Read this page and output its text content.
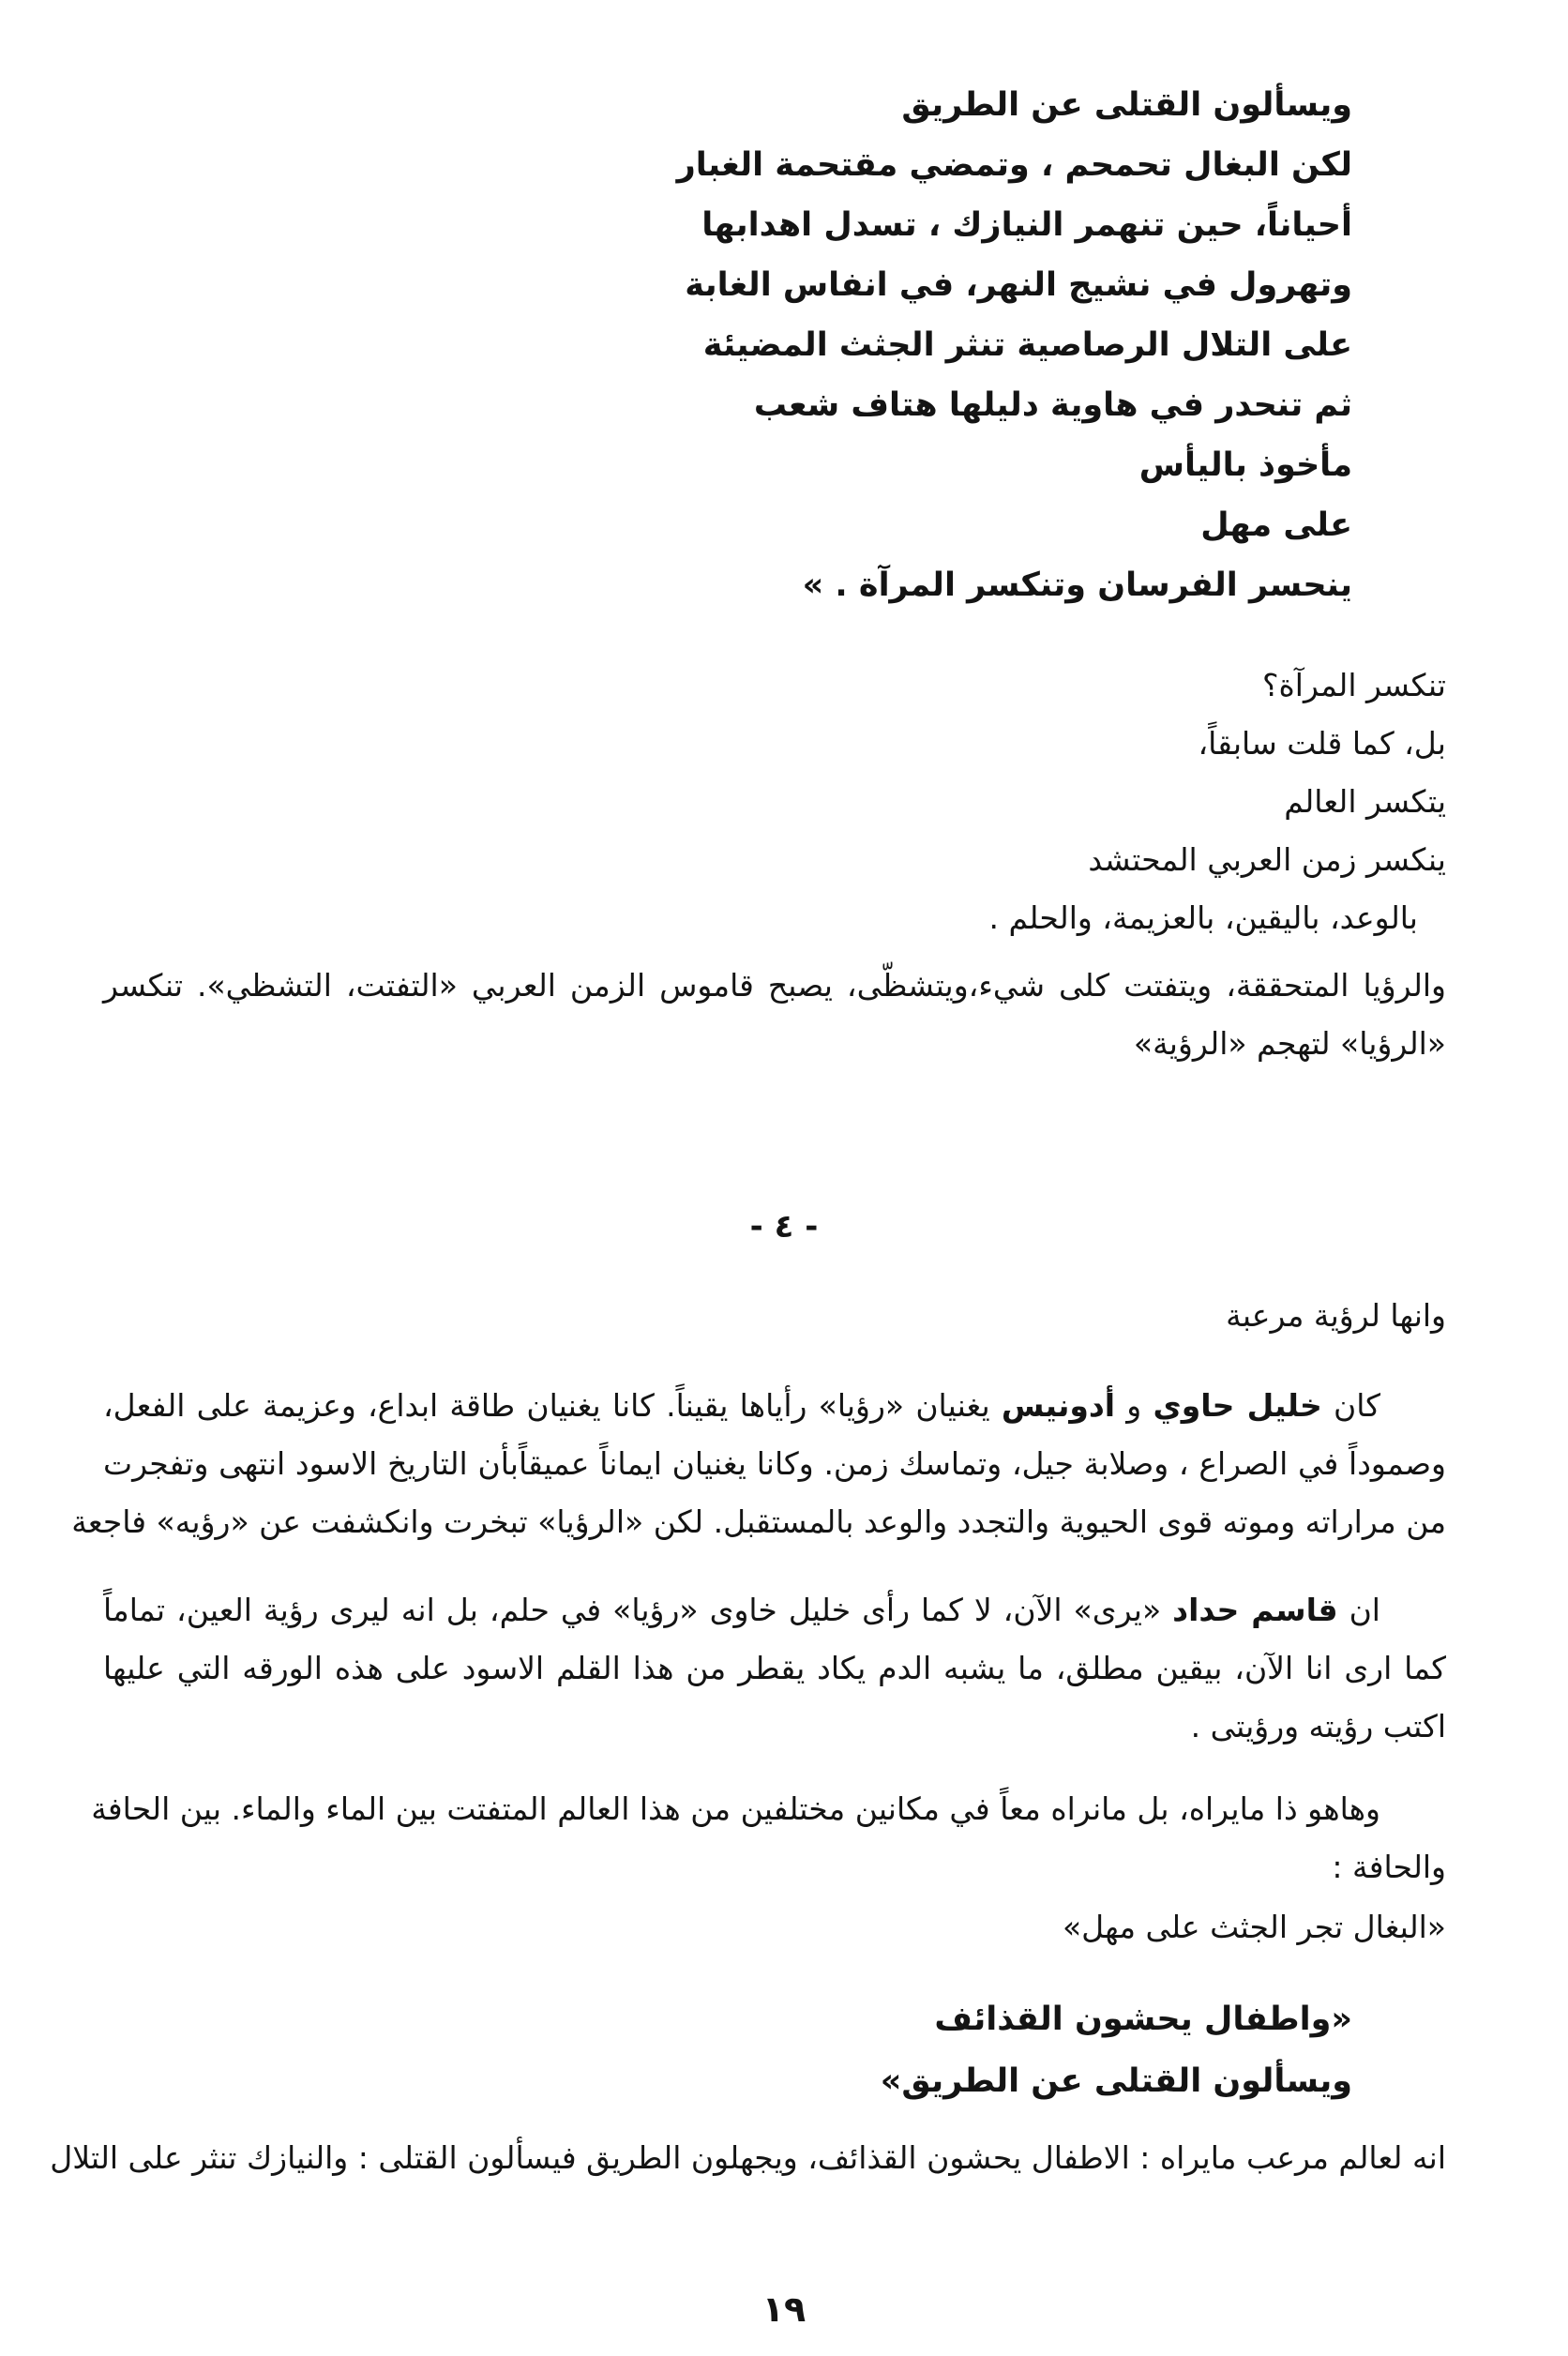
ويسألون القتلى عن الطريق
لكن البغال تحمحم ، وتمضي مقتحمة الغبار
أحياناً، حين تنهمر النيازك ، تسدل اهدابها
وتهرول في نشيج النهر، في انفاس الغابة
على التلال الرصاصية تنثر الجثث المضيئة
ثم تنحدر في هاوية دليلها هتاف شعب
مأخوذ باليأس
على مهل
ينحسر الفرسان وتنكسر المرآة . »
تنكسر المرآة؟
بل، كما قلت سابقاً،
يتكسر العالم
ينكسر زمن العربي المحتشد
بالوعد، باليقين، بالعزيمة، والحلم .
والرؤيا المتحققة، ويتفتت كلى شيء،ويتشظّى، يصبح قاموس الزمن العربي «التفتت، التشظي». تنكسر
«الرؤيا» لتهجم «الرؤية»
- ٤ -
وانها لرؤية مرعبة
كان خليل حاوي و أدونيس يغنيان «رؤيا» رأياها يقيناً. كانا يغنيان طاقة ابداع، وعزيمة على الفعل،
وصموداً في الصراع ، وصلابة جيل، وتماسك زمن. وكانا يغنيان ايماناً عميقاًبأن التاريخ الاسود انتهى وتفجرت
من مراراته وموته قوى الحيوية والتجدد والوعد بالمستقبل. لكن «الرؤيا» تبخرت وانكشفت عن «رؤيه» فاجعة
ان قاسم حداد «يرى» الآن، لا كما رأى خليل خاوى «رؤيا» في حلم، بل انه ليرى رؤية العين، تماماً
كما ارى انا الآن، بيقين مطلق، ما يشبه الدم يكاد يقطر من هذا القلم الاسود على هذه الورقه التي عليها
اكتب رؤيته ورؤيتى .
وهاهو ذا مايراه، بل مانراه معاً في مكانين مختلفين من هذا العالم المتفتت بين الماء والماء. بين الحافة
والحافة :
«البغال تجر الجثث على مهل»
«واطفال يحشون القذائف
ويسألون القتلى عن الطريق»
انه لعالم مرعب مايراه : الاطفال يحشون القذائف، ويجهلون الطريق فيسألون القتلى : والنيازك تنثر على التلال
١٩
